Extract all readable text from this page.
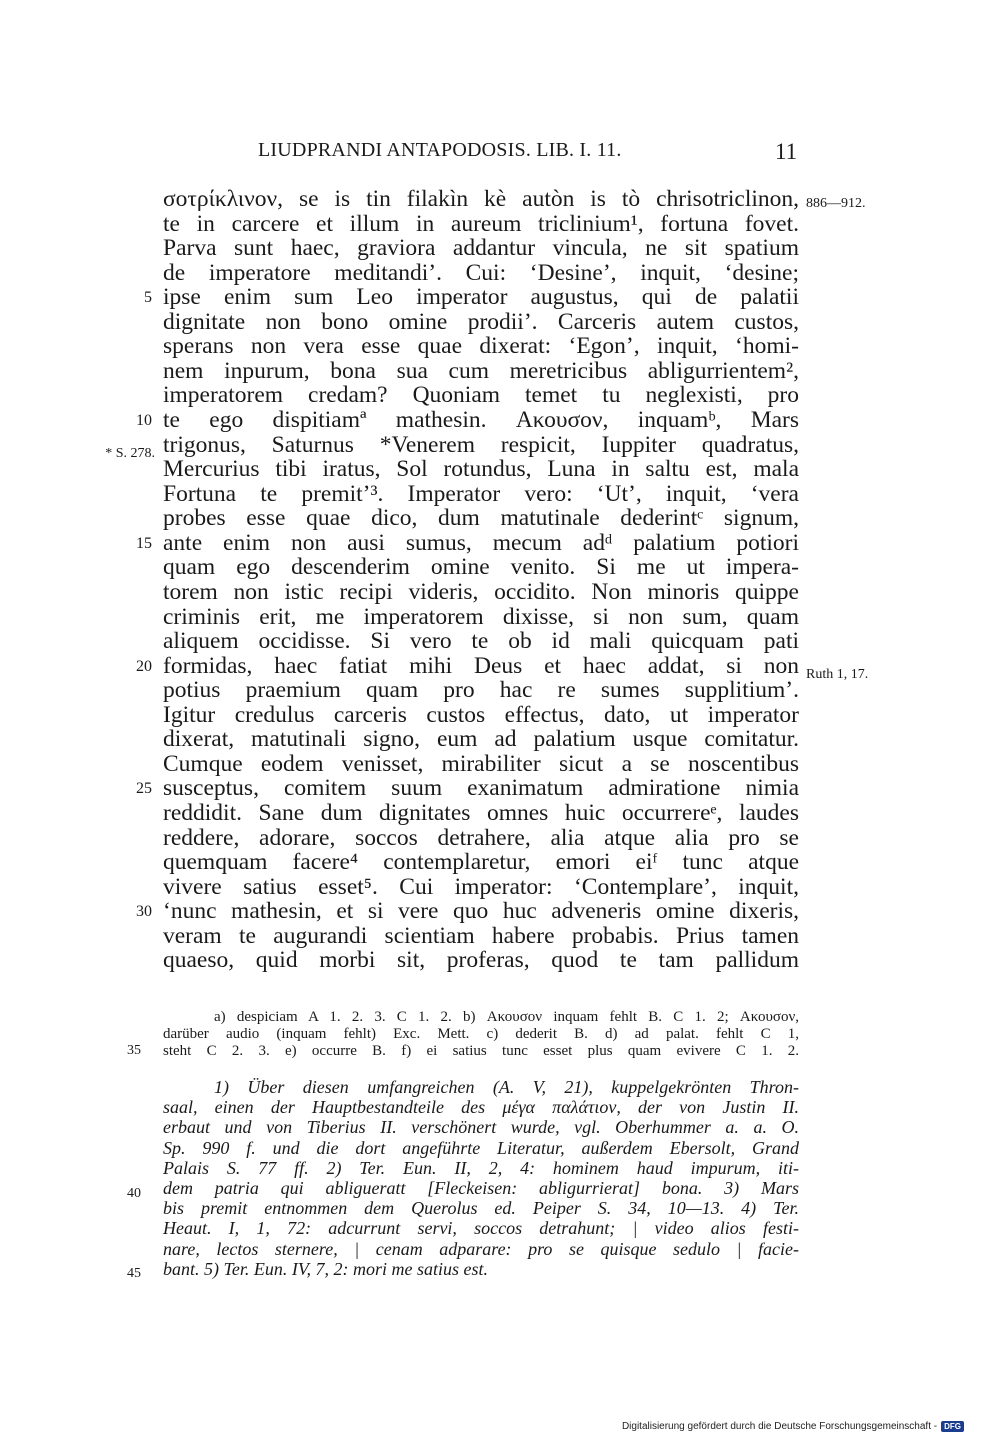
LIUDPRANDI ANTAPODOSIS. LIB. I. 11.	11
σοτρίκλινον, se is tin filakìn kè autòn is tò chrisotriclinon,
te in carcere et illum in aureum triclinium¹, fortuna fovet.
Parva sunt haec, graviora addantur vincula, ne sit spatium
de imperatore meditandi’. Cui: ‘Desine’, inquit, ‘desine;
ipse enim sum Leo imperator augustus, qui de palatii
dignitate non bono omine prodii’. Carceris autem custos,
sperans non vera esse quae dixerat: ‘Egon’, inquit, ‘homi-
nem inpurum, bona sua cum meretricibus abligurrientem²,
imperatorem credam? Quoniam temet tu neglexisti, pro
te ego dispitiamª mathesin. Ακουσον, inquamᵇ, Mars
trigonus, Saturnus *Venerem respicit, Iuppiter quadratus,
Mercurius tibi iratus, Sol rotundus, Luna in saltu est, mala
Fortuna te premit’³. Imperator vero: ‘Ut’, inquit, ‘vera
probes esse quae dico, dum matutinale dederintᶜ signum,
ante enim non ausi sumus, mecum adᵈ palatium potiori
quam ego descenderim omine venito. Si me ut impera-
torem non istic recipi videris, occidito. Non minoris quippe
criminis erit, me imperatorem dixisse, si non sum, quam
aliquem occidisse. Si vero te ob id mali quicquam pati
formidas, haec fatiat mihi Deus et haec addat, si non
potius praemium quam pro hac re sumes supplitium’.
Igitur credulus carceris custos effectus, dato, ut imperator
dixerat, matutinali signo, eum ad palatium usque comitatur.
Cumque eodem venisset, mirabiliter sicut a se noscentibus
susceptus, comitem suum exanimatum admiratione nimia
reddidit. Sane dum dignitates omnes huic occurrereᵉ, laudes
reddere, adorare, soccos detrahere, alia atque alia pro se
quemquam facere⁴ contemplaretur, emori eiᶠ tunc atque
vivere satius esset⁵. Cui imperator: ‘Contemplare’, inquit,
‘nunc mathesin, et si vere quo huc adveneris omine dixeris,
veram te augurandi scientiam habere probabis. Prius tamen
quaeso, quid morbi sit, proferas, quod te tam pallidum
886—912.
* S. 278.
Ruth 1, 17.
5
10
15
20
25
30
a) despiciam A 1. 2. 3. C 1. 2. b) Ακουσον inquam fehlt B. C 1. 2; Ακουσον,
darüber audio (inquam fehlt) Exc. Mett. c) dederit B. d) ad palat. fehlt C 1,
steht C 2. 3. e) occurre B. f) ei satius tunc esset plus quam evivere C 1. 2.
35
1) Über diesen umfangreichen (A. V, 21), kuppelgekrönten Thron-
saal, einen der Hauptbestandteile des μέγα παλάτιον, der von Justin II.
erbaut und von Tiberius II. verschönert wurde, vgl. Oberhummer a. a. O.
Sp. 990 f. und die dort angeführte Literatur, außerdem Ebersolt, Grand
Palais S. 77 ff. 2) Ter. Eun. II, 2, 4: hominem haud impurum, iti-
dem patria qui abligueratt [Fleckeisen: abligurrierat] bona. 3) Mars
bis premit entnommen dem Querolus ed. Peiper S. 34, 10—13. 4) Ter.
Heaut. I, 1, 72: adcurrunt servi, soccos detrahunt; | video alios festi-
nare, lectos sternere, | cenam adparare: pro se quisque sedulo | facie-
bant. 5) Ter. Eun. IV, 7, 2: mori me satius est.
40
45
Digitalisierung gefördert durch die Deutsche Forschungsgemeinschaft - DFG
